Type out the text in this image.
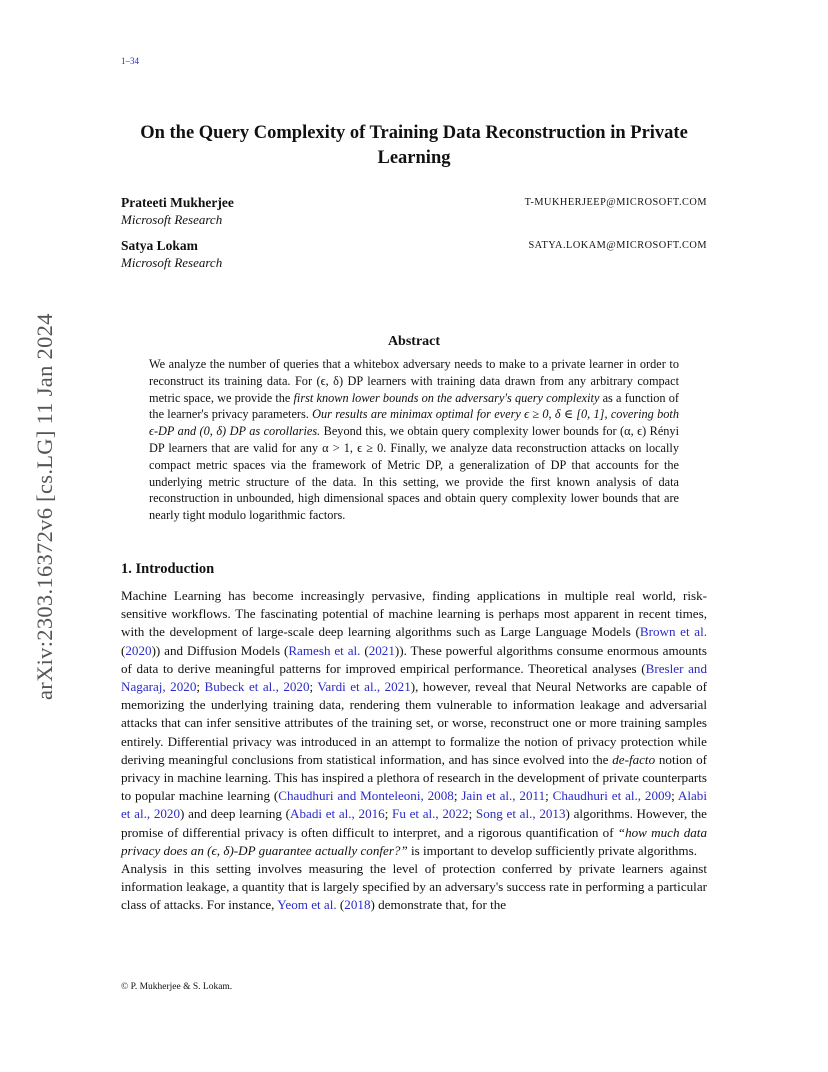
1–34
arXiv:2303.16372v6 [cs.LG] 11 Jan 2024
On the Query Complexity of Training Data Reconstruction in Private Learning
Prateeti Mukherjee
Microsoft Research
T-MUKHERJEEP@MICROSOFT.COM
Satya Lokam
Microsoft Research
SATYA.LOKAM@MICROSOFT.COM
Abstract
We analyze the number of queries that a whitebox adversary needs to make to a private learner in order to reconstruct its training data. For (ϵ, δ) DP learners with training data drawn from any arbitrary compact metric space, we provide the first known lower bounds on the adversary's query complexity as a function of the learner's privacy parameters. Our results are minimax optimal for every ϵ ≥ 0, δ ∈ [0, 1], covering both ϵ-DP and (0, δ) DP as corollaries. Beyond this, we obtain query complexity lower bounds for (α, ϵ) Rényi DP learners that are valid for any α > 1, ϵ ≥ 0. Finally, we analyze data reconstruction attacks on locally compact metric spaces via the framework of Metric DP, a generalization of DP that accounts for the underlying metric structure of the data. In this setting, we provide the first known analysis of data reconstruction in unbounded, high dimensional spaces and obtain query complexity lower bounds that are nearly tight modulo logarithmic factors.
1. Introduction

Machine Learning has become increasingly pervasive, finding applications in multiple real world, risk-sensitive workflows. The fascinating potential of machine learning is perhaps most apparent in recent times, with the development of large-scale deep learning algorithms such as Large Language Models (Brown et al. (2020)) and Diffusion Models (Ramesh et al. (2021)). These powerful algorithms consume enormous amounts of data to derive meaningful patterns for improved empirical performance. Theoretical analyses (Bresler and Nagaraj, 2020; Bubeck et al., 2020; Vardi et al., 2021), however, reveal that Neural Networks are capable of memorizing the underlying training data, rendering them vulnerable to information leakage and adversarial attacks that can infer sensitive attributes of the training set, or worse, reconstruct one or more training samples entirely. Differential privacy was introduced in an attempt to formalize the notion of privacy protection while deriving meaningful conclusions from statistical information, and has since evolved into the de-facto notion of privacy in machine learning. This has inspired a plethora of research in the development of private counterparts to popular machine learning (Chaudhuri and Monteleoni, 2008; Jain et al., 2011; Chaudhuri et al., 2009; Alabi et al., 2020) and deep learning (Abadi et al., 2016; Fu et al., 2022; Song et al., 2013) algorithms. However, the promise of differential privacy is often difficult to interpret, and a rigorous quantification of “how much data privacy does an (ϵ, δ)-DP guarantee actually confer?” is important to develop sufficiently private algorithms.

Analysis in this setting involves measuring the level of protection conferred by private learners against information leakage, a quantity that is largely specified by an adversary's success rate in performing a particular class of attacks. For instance, Yeom et al. (2018) demonstrate that, for the

© P. Mukherjee & S. Lokam.
